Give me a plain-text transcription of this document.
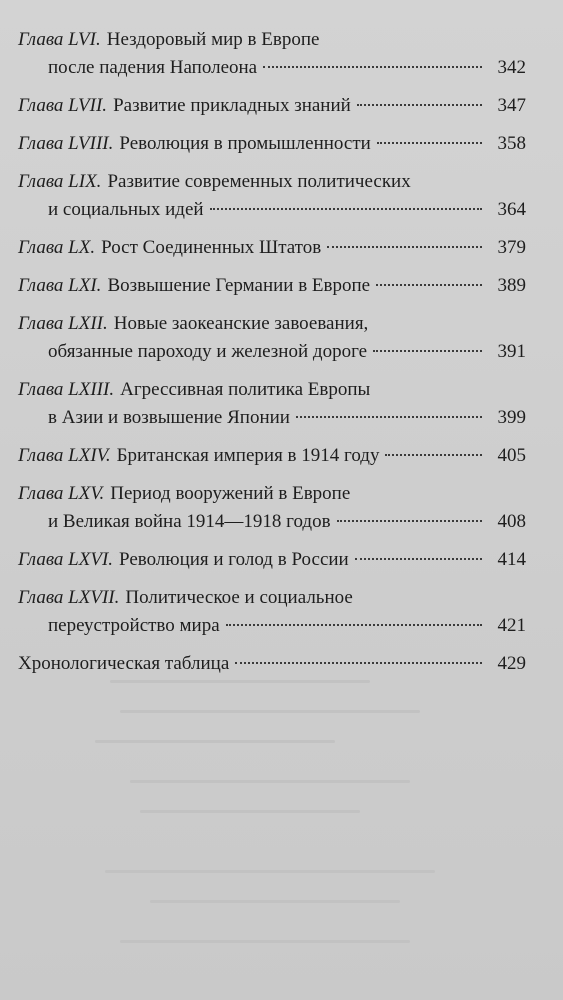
Глава LVI. Нездоровый мир в Европе
после падения Наполеона	342
Глава LVII. Развитие прикладных знаний	347
Глава LVIII. Революция в промышленности	358
Глава LIX. Развитие современных политических
и социальных идей	364
Глава LX. Рост Соединенных Штатов	379
Глава LXI. Возвышение Германии в Европе	389
Глава LXII. Новые заокеанские завоевания,
обязанные пароходу и железной дороге	391
Глава LXIII. Агрессивная политика Европы
в Азии и возвышение Японии	399
Глава LXIV. Британская империя в 1914 году	405
Глава LXV. Период вооружений в Европе
и Великая война 1914—1918 годов	408
Глава LXVI. Революция и голод в России	414
Глава LXVII. Политическое и социальное
переустройство мира	421
Хронологическая таблица	429
